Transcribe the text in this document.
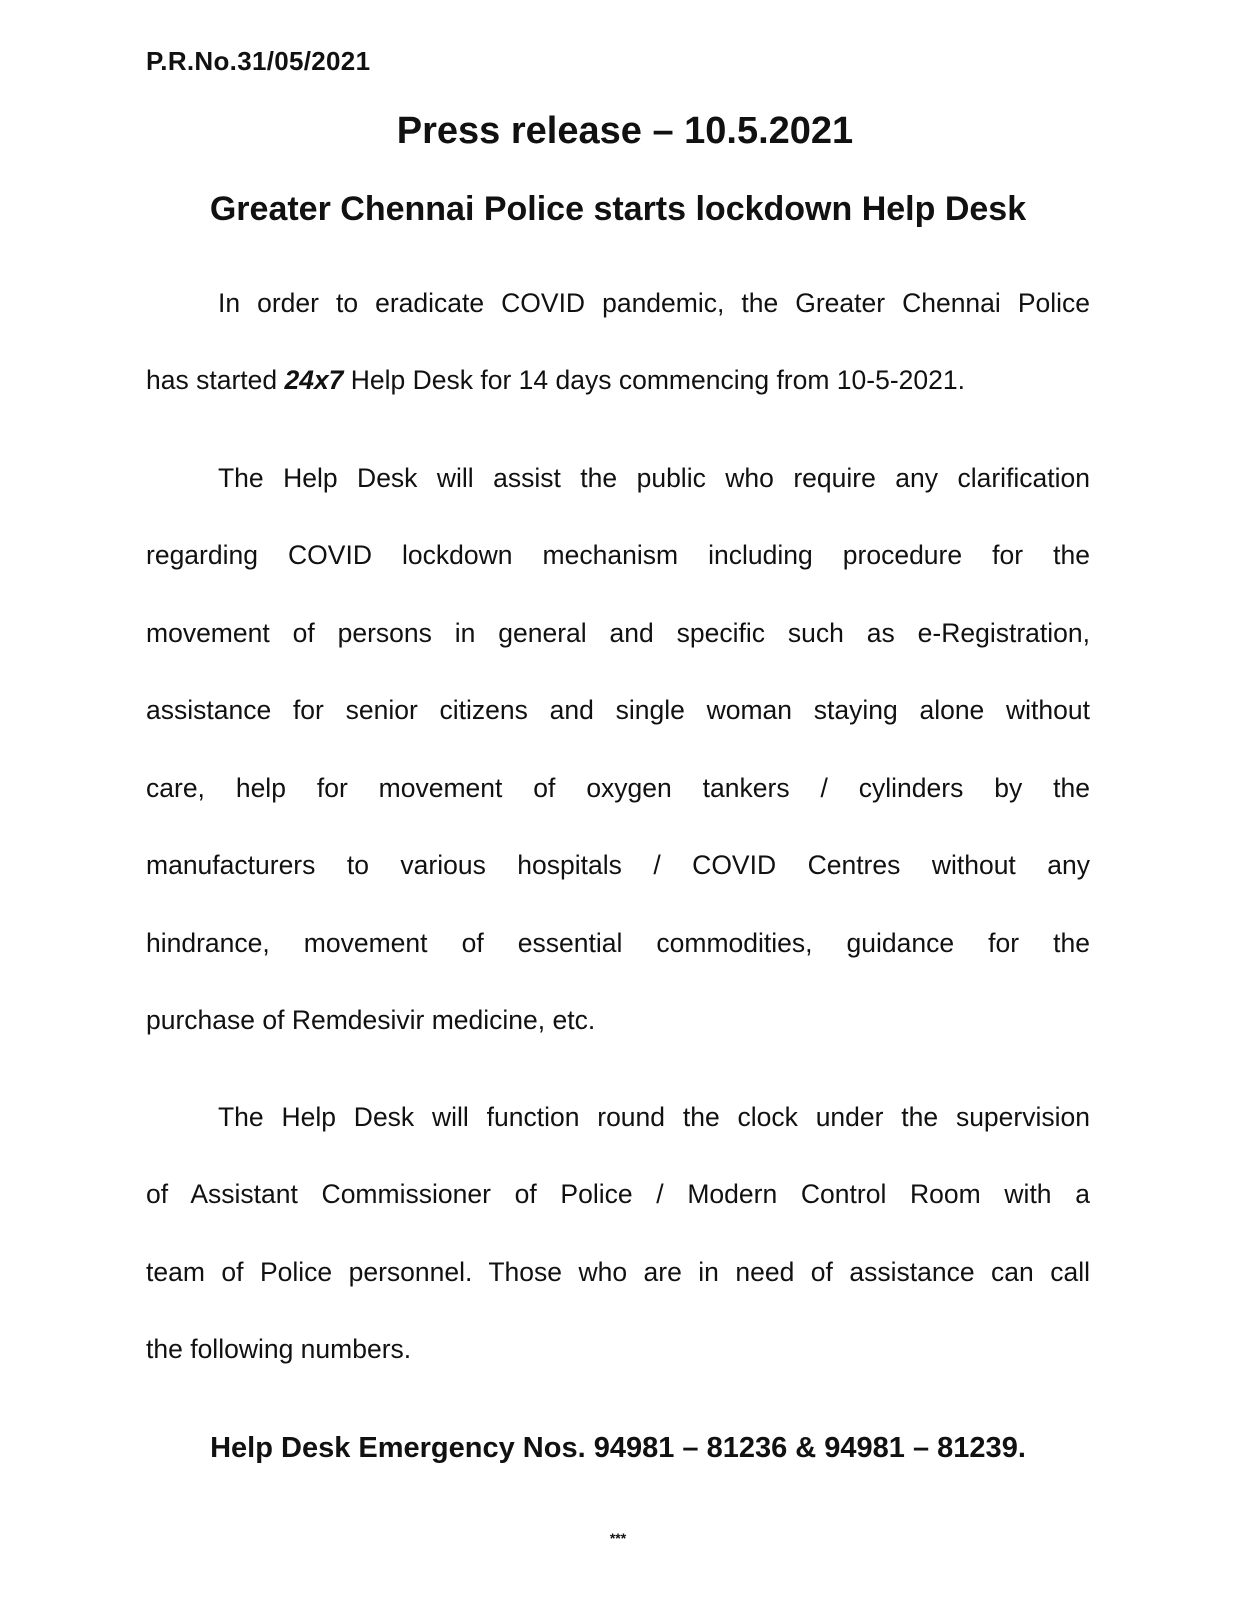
P.R.No.31/05/2021
Press release – 10.5.2021
Greater Chennai Police starts lockdown Help Desk
In order to eradicate COVID pandemic, the Greater Chennai Police
has started 24x7 Help Desk for 14 days commencing from 10-5-2021.
The Help Desk will assist the public who require any clarification
regarding COVID lockdown mechanism including procedure for the
movement of persons in general and specific such as e-Registration,
assistance for senior citizens and single woman staying alone without
care, help for movement of oxygen tankers / cylinders by the
manufacturers to various hospitals / COVID Centres without any
hindrance, movement of essential commodities, guidance for the
purchase of Remdesivir medicine, etc.
The Help Desk will function round the clock under the supervision
of Assistant Commissioner of Police / Modern Control Room with a
team of Police personnel. Those who are in need of assistance can call
the following numbers.
Help Desk Emergency Nos. 94981 – 81236 & 94981 – 81239.
***
